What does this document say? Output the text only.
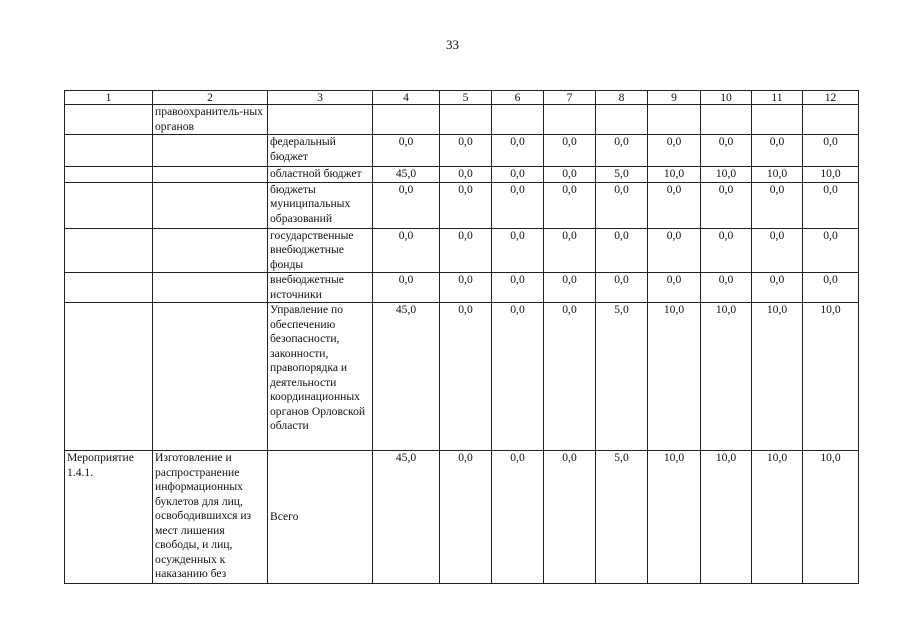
33
1	2	3	4	5	6	7	8	9	10	11	12
	правоохранитель-ных органов										
		федеральный бюджет	0,0	0,0	0,0	0,0	0,0	0,0	0,0	0,0	0,0
		областной бюджет	45,0	0,0	0,0	0,0	5,0	10,0	10,0	10,0	10,0
		бюджеты муниципальных образований	0,0	0,0	0,0	0,0	0,0	0,0	0,0	0,0	0,0
		государственные внебюджетные фонды	0,0	0,0	0,0	0,0	0,0	0,0	0,0	0,0	0,0
		внебюджетные источники	0,0	0,0	0,0	0,0	0,0	0,0	0,0	0,0	0,0
		Управление по обеспечению безопасности, законности, правопорядка и деятельности координационных органов Орловской области	45,0	0,0	0,0	0,0	5,0	10,0	10,0	10,0	10,0
Мероприятие 1.4.1.	Изготовление и распространение информационных буклетов для лиц, освободившихся из мест лишения свободы, и лиц, осужденных к наказанию без	Всего	45,0	0,0	0,0	0,0	5,0	10,0	10,0	10,0	10,0
